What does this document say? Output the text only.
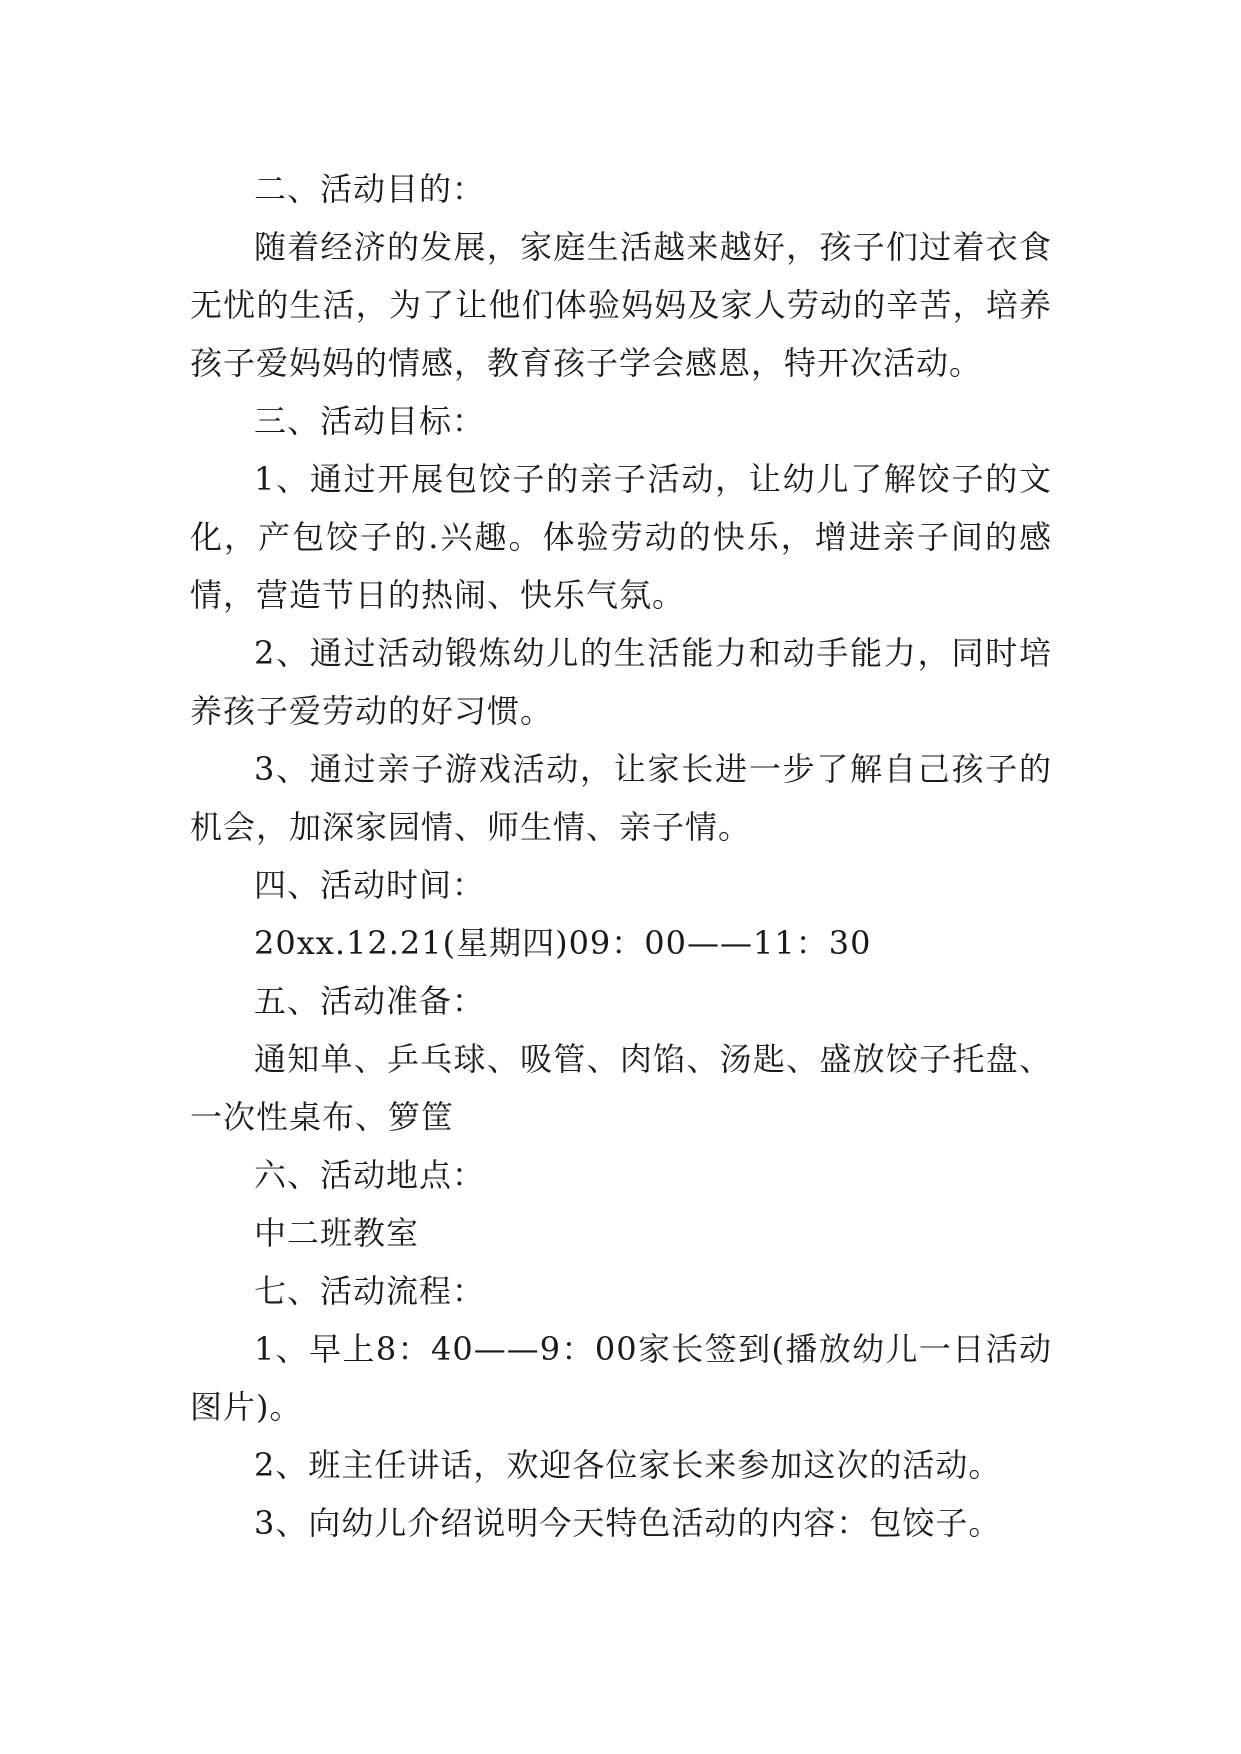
二、活动目的：

随着经济的发展，家庭生活越来越好，孩子们过着衣食无忧的生活，为了让他们体验妈妈及家人劳动的辛苦，培养孩子爱妈妈的情感，教育孩子学会感恩，特开次活动。

三、活动目标：

1、通过开展包饺子的亲子活动，让幼儿了解饺子的文化，产包饺子的.兴趣。体验劳动的快乐，增进亲子间的感情，营造节日的热闹、快乐气氛。

2、通过活动锻炼幼儿的生活能力和动手能力，同时培养孩子爱劳动的好习惯。

3、通过亲子游戏活动，让家长进一步了解自己孩子的机会，加深家园情、师生情、亲子情。

四、活动时间：

20xx.12.21(星期四)09：00——11：30

五、活动准备：

通知单、乒乓球、吸管、肉馅、汤匙、盛放饺子托盘、一次性桌布、箩筐

六、活动地点：

中二班教室

七、活动流程：

1、早上8：40——9：00家长签到(播放幼儿一日活动图片)。

2、班主任讲话，欢迎各位家长来参加这次的活动。

3、向幼儿介绍说明今天特色活动的内容：包饺子。
